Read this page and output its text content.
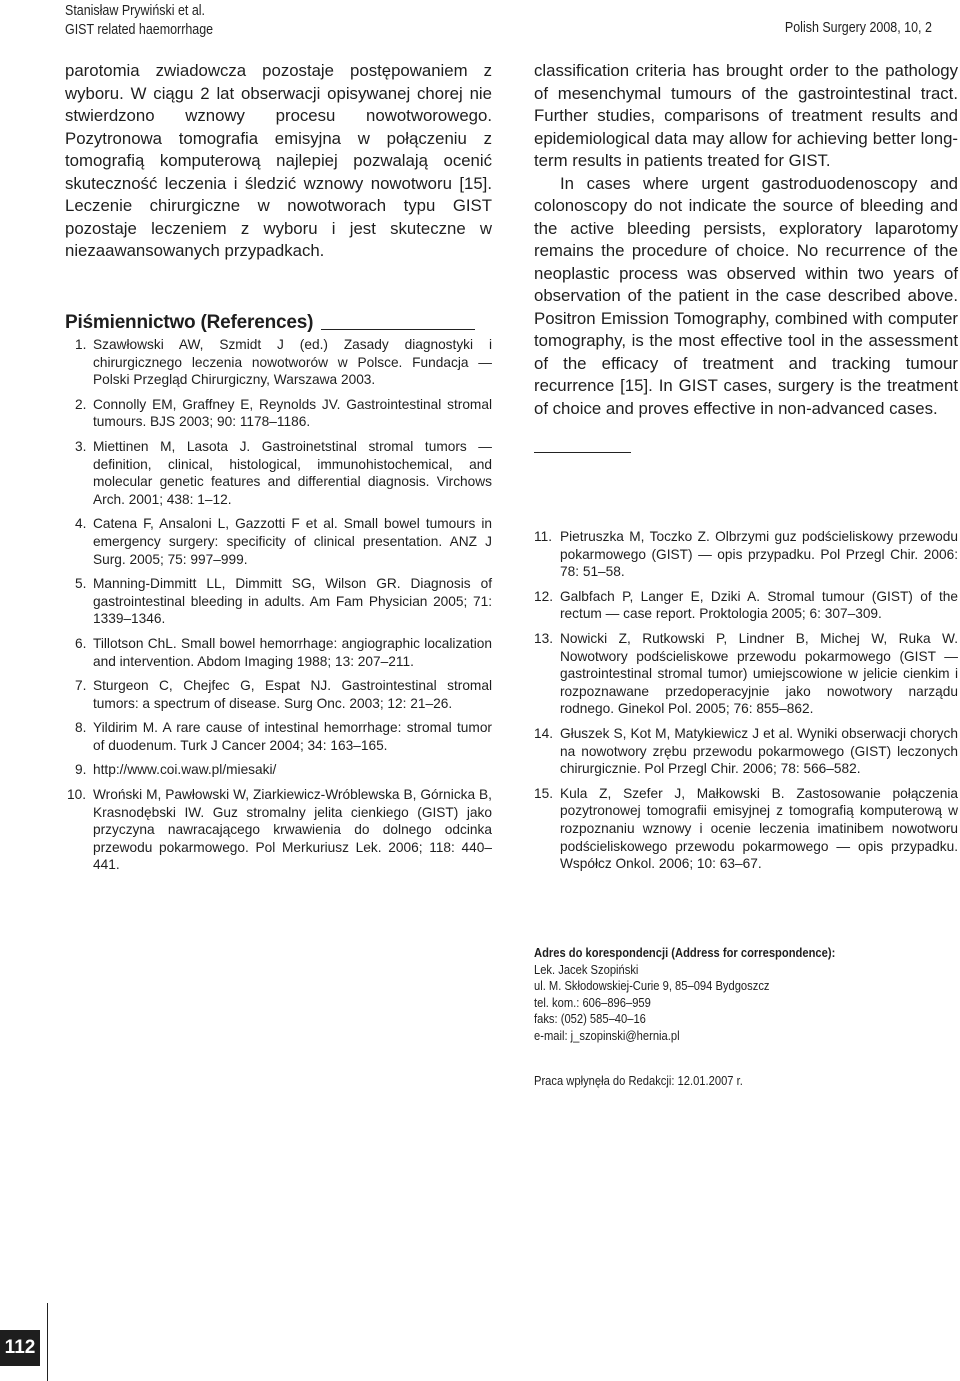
Stanisław Prywiński et al.
GIST related haemorrhage	Polish Surgery 2008, 10, 2

parotomia zwiadowcza pozostaje postępowaniem z wyboru. W ciągu 2 lat obserwacji opisywanej chorej nie stwierdzono wznowy procesu nowotworowego. Pozytronowa tomografia emisyjna w połączeniu z tomografią komputerową najlepiej pozwalają ocenić skuteczność leczenia i śledzić wznowy nowotworu [15]. Leczenie chirurgiczne w nowotworach typu GIST pozostaje leczeniem z wyboru i jest skuteczne w niezaawansowanych przypadkach.

Piśmiennictwo (References)
1. Szawłowski AW, Szmidt J (ed.) Zasady diagnostyki i chirurgicznego leczenia nowotworów w Polsce. Fundacja — Polski Przegląd Chirurgiczny, Warszawa 2003.
2. Connolly EM, Graffney E, Reynolds JV. Gastrointestinal stromal tumours. BJS 2003; 90: 1178–1186.
3. Miettinen M, Lasota J. Gastroinetstinal stromal tumors — definition, clinical, histological, immunohistochemical, and molecular genetic features and differential diagnosis. Virchows Arch. 2001; 438: 1–12.
4. Catena F, Ansaloni L, Gazzotti F et al. Small bowel tumours in emergency surgery: specificity of clinical presentation. ANZ J Surg. 2005; 75: 997–999.
5. Manning-Dimmitt LL, Dimmitt SG, Wilson GR. Diagnosis of gastrointestinal bleeding in adults. Am Fam Physician 2005; 71: 1339–1346.
6. Tillotson ChL. Small bowel hemorrhage: angiographic localization and intervention. Abdom Imaging 1988; 13: 207–211.
7. Sturgeon C, Chejfec G, Espat NJ. Gastrointestinal stromal tumors: a spectrum of disease. Surg Onc. 2003; 12: 21–26.
8. Yildirim M. A rare cause of intestinal hemorrhage: stromal tumor of duodenum. Turk J Cancer 2004; 34: 163–165.
9. http://www.coi.waw.pl/miesaki/
10. Wroński M, Pawłowski W, Ziarkiewicz-Wróblewska B, Górnicka B, Krasnodębski IW. Guz stromalny jelita cienkiego (GIST) jako przyczyna nawracającego krwawienia do dolnego odcinka przewodu pokarmowego. Pol Merkuriusz Lek. 2006; 118: 440–441.

classification criteria has brought order to the pathology of mesenchymal tumours of the gastrointestinal tract. Further studies, comparisons of treatment results and epidemiological data may allow for achieving better long-term results in patients treated for GIST.

In cases where urgent gastroduodenoscopy and colonoscopy do not indicate the source of bleeding and the active bleeding persists, exploratory laparotomy remains the procedure of choice. No recurrence of the neoplastic process was observed within two years of observation of the patient in the case described above. Positron Emission Tomography, combined with computer tomography, is the most effective tool in the assessment of the efficacy of treatment and tracking tumour recurrence [15]. In GIST cases, surgery is the treatment of choice and proves effective in non-advanced cases.

11. Pietruszka M, Toczko Z. Olbrzymi guz podścieliskowy przewodu pokarmowego (GIST) — opis przypadku. Pol Przegl Chir. 2006: 78: 51–58.
12. Galbfach P, Langer E, Dziki A. Stromal tumour (GIST) of the rectum — case report. Proktologia 2005; 6: 307–309.
13. Nowicki Z, Rutkowski P, Lindner B, Michej W, Ruka W. Nowotwory podścieliskowe przewodu pokarmowego (GIST — gastrointestinal stromal tumor) umiejscowione w jelicie cienkim i rozpoznawane przedoperacyjnie jako nowotwory narządu rodnego. Ginekol Pol. 2005; 76: 855–862.
14. Głuszek S, Kot M, Matykiewicz J et al. Wyniki obserwacji chorych na nowotwory zrębu przewodu pokarmowego (GIST) leczonych chirurgicznie. Pol Przegl Chir. 2006; 78: 566–582.
15. Kula Z, Szefer J, Małkowski B. Zastosowanie połączenia pozytronowej tomografii emisyjnej z tomografią komputerową w rozpoznaniu wznowy i ocenie leczenia imatinibem nowotworu podścieliskowego przewodu pokarmowego — opis przypadku. Współcz Onkol. 2006; 10: 63–67.
Adres do korespondencji (Address for correspondence):
Lek. Jacek Szopiński
ul. M. Skłodowskiej-Curie 9, 85–094 Bydgoszcz
tel. kom.: 606–896–959
faks: (052) 585–40–16
e-mail: j_szopinski@hernia.pl
Praca wpłynęła do Redakcji: 12.01.2007 r.
112
